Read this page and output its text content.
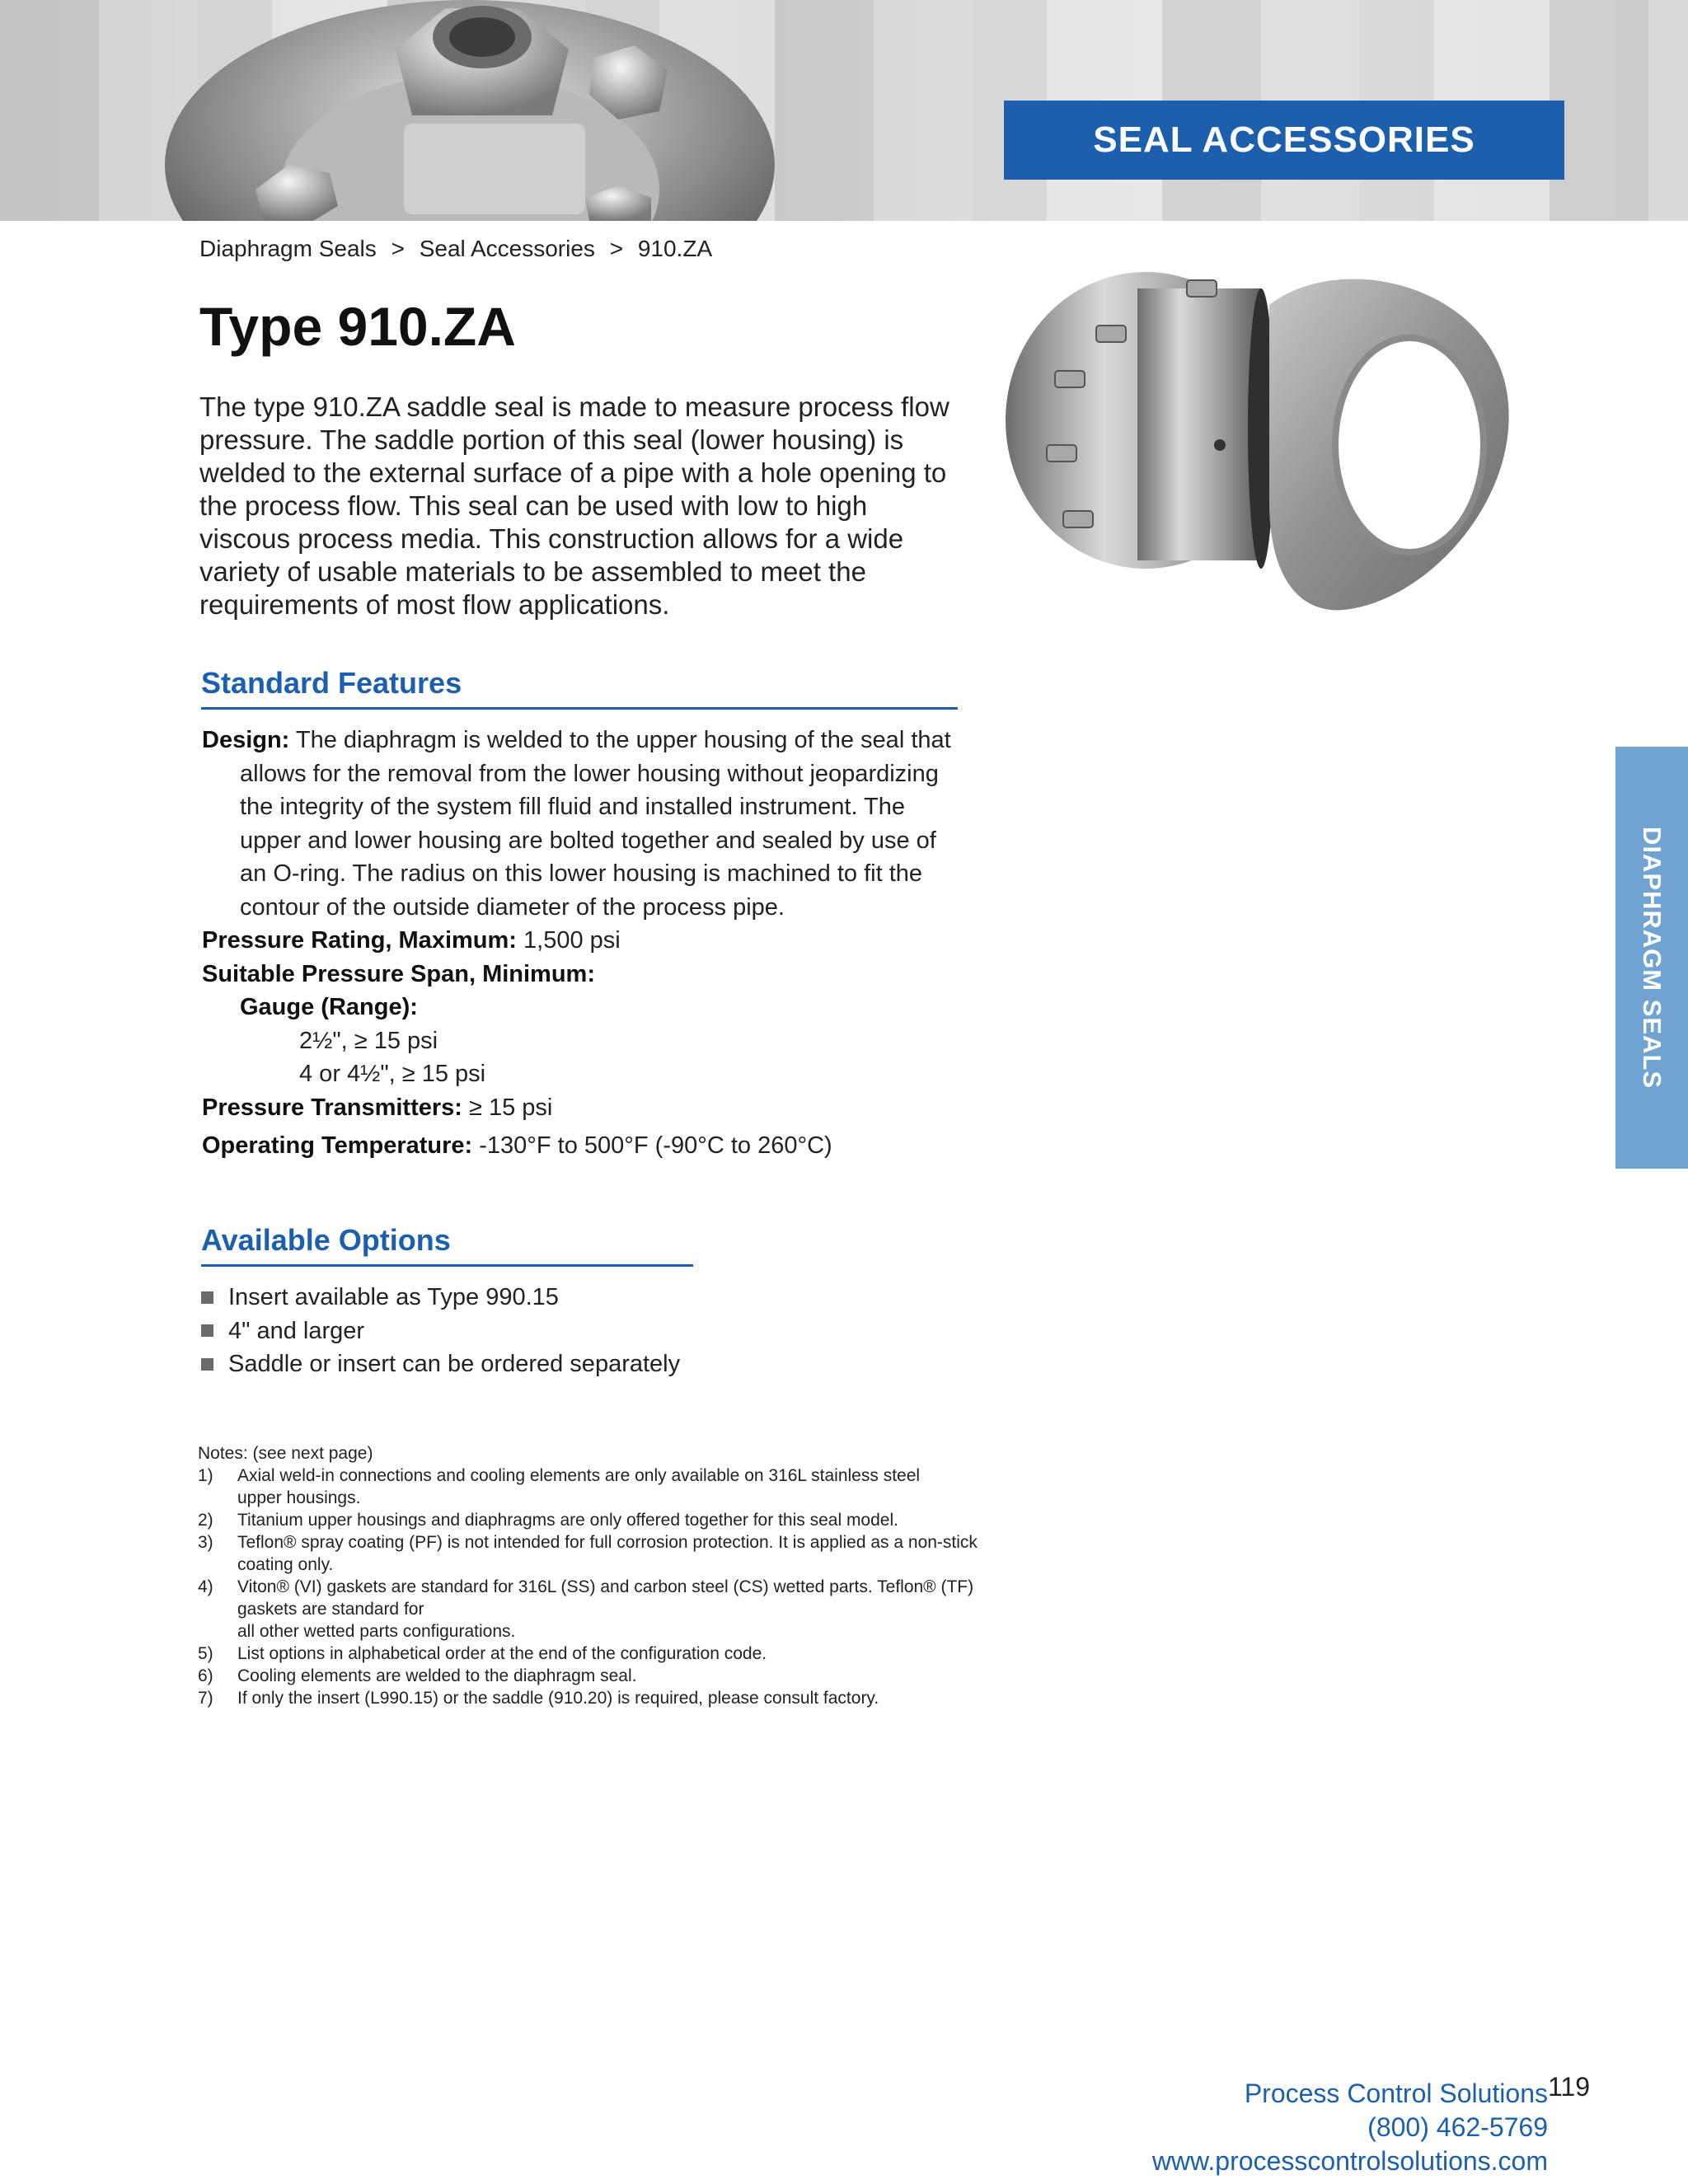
SEAL ACCESSORIES
Diaphragm Seals > Seal Accessories > 910.ZA
Type 910.ZA

The type 910.ZA saddle seal is made to measure process flow pressure. The saddle portion of this seal (lower housing) is welded to the external surface of a pipe with a hole opening to the process flow. This seal can be used with low to high viscous process media. This construction allows for a wide variety of usable materials to be assembled to meet the requirements of most flow applications.

Standard Features

Design: The diaphragm is welded to the upper housing of the seal that

allows for the removal from the lower housing without jeopardizing

the integrity of the system fill fluid and installed instrument. The

upper and lower housing are bolted together and sealed by use of

an O-ring. The radius on this lower housing is machined to fit the

contour of the outside diameter of the process pipe.

Pressure Rating, Maximum: 1,500 psi

Suitable Pressure Span, Minimum:

Gauge (Range):

2½", ≥ 15 psi

4 or 4½", ≥ 15 psi

Pressure Transmitters: ≥ 15 psi

Operating Temperature: -130°F to 500°F (-90°C to 260°C)

Available Options
Insert available as Type 990.15
4" and larger
Saddle or insert can be ordered separately

Notes: (see next page)

1)	Axial weld-in connections and cooling elements are only available on 316L stainless steel

upper housings.

2)	Titanium upper housings and diaphragms are only offered together for this seal model.

3)	Teflon® spray coating (PF) is not intended for full corrosion protection. It is applied as a non-stick

coating only.

4)	Viton® (VI) gaskets are standard for 316L (SS) and carbon steel (CS) wetted parts. Teflon® (TF)

gaskets are standard for

all other wetted parts configurations.

5)	List options in alphabetical order at the end of the configuration code.

6)	Cooling elements are welded to the diaphragm seal.

7)	If only the insert (L990.15) or the saddle (910.20) is required, please consult factory.

DIAPHRAGM SEALS
Process Control Solutions
(800) 462-5769
www.processcontrolsolutions.com
119
